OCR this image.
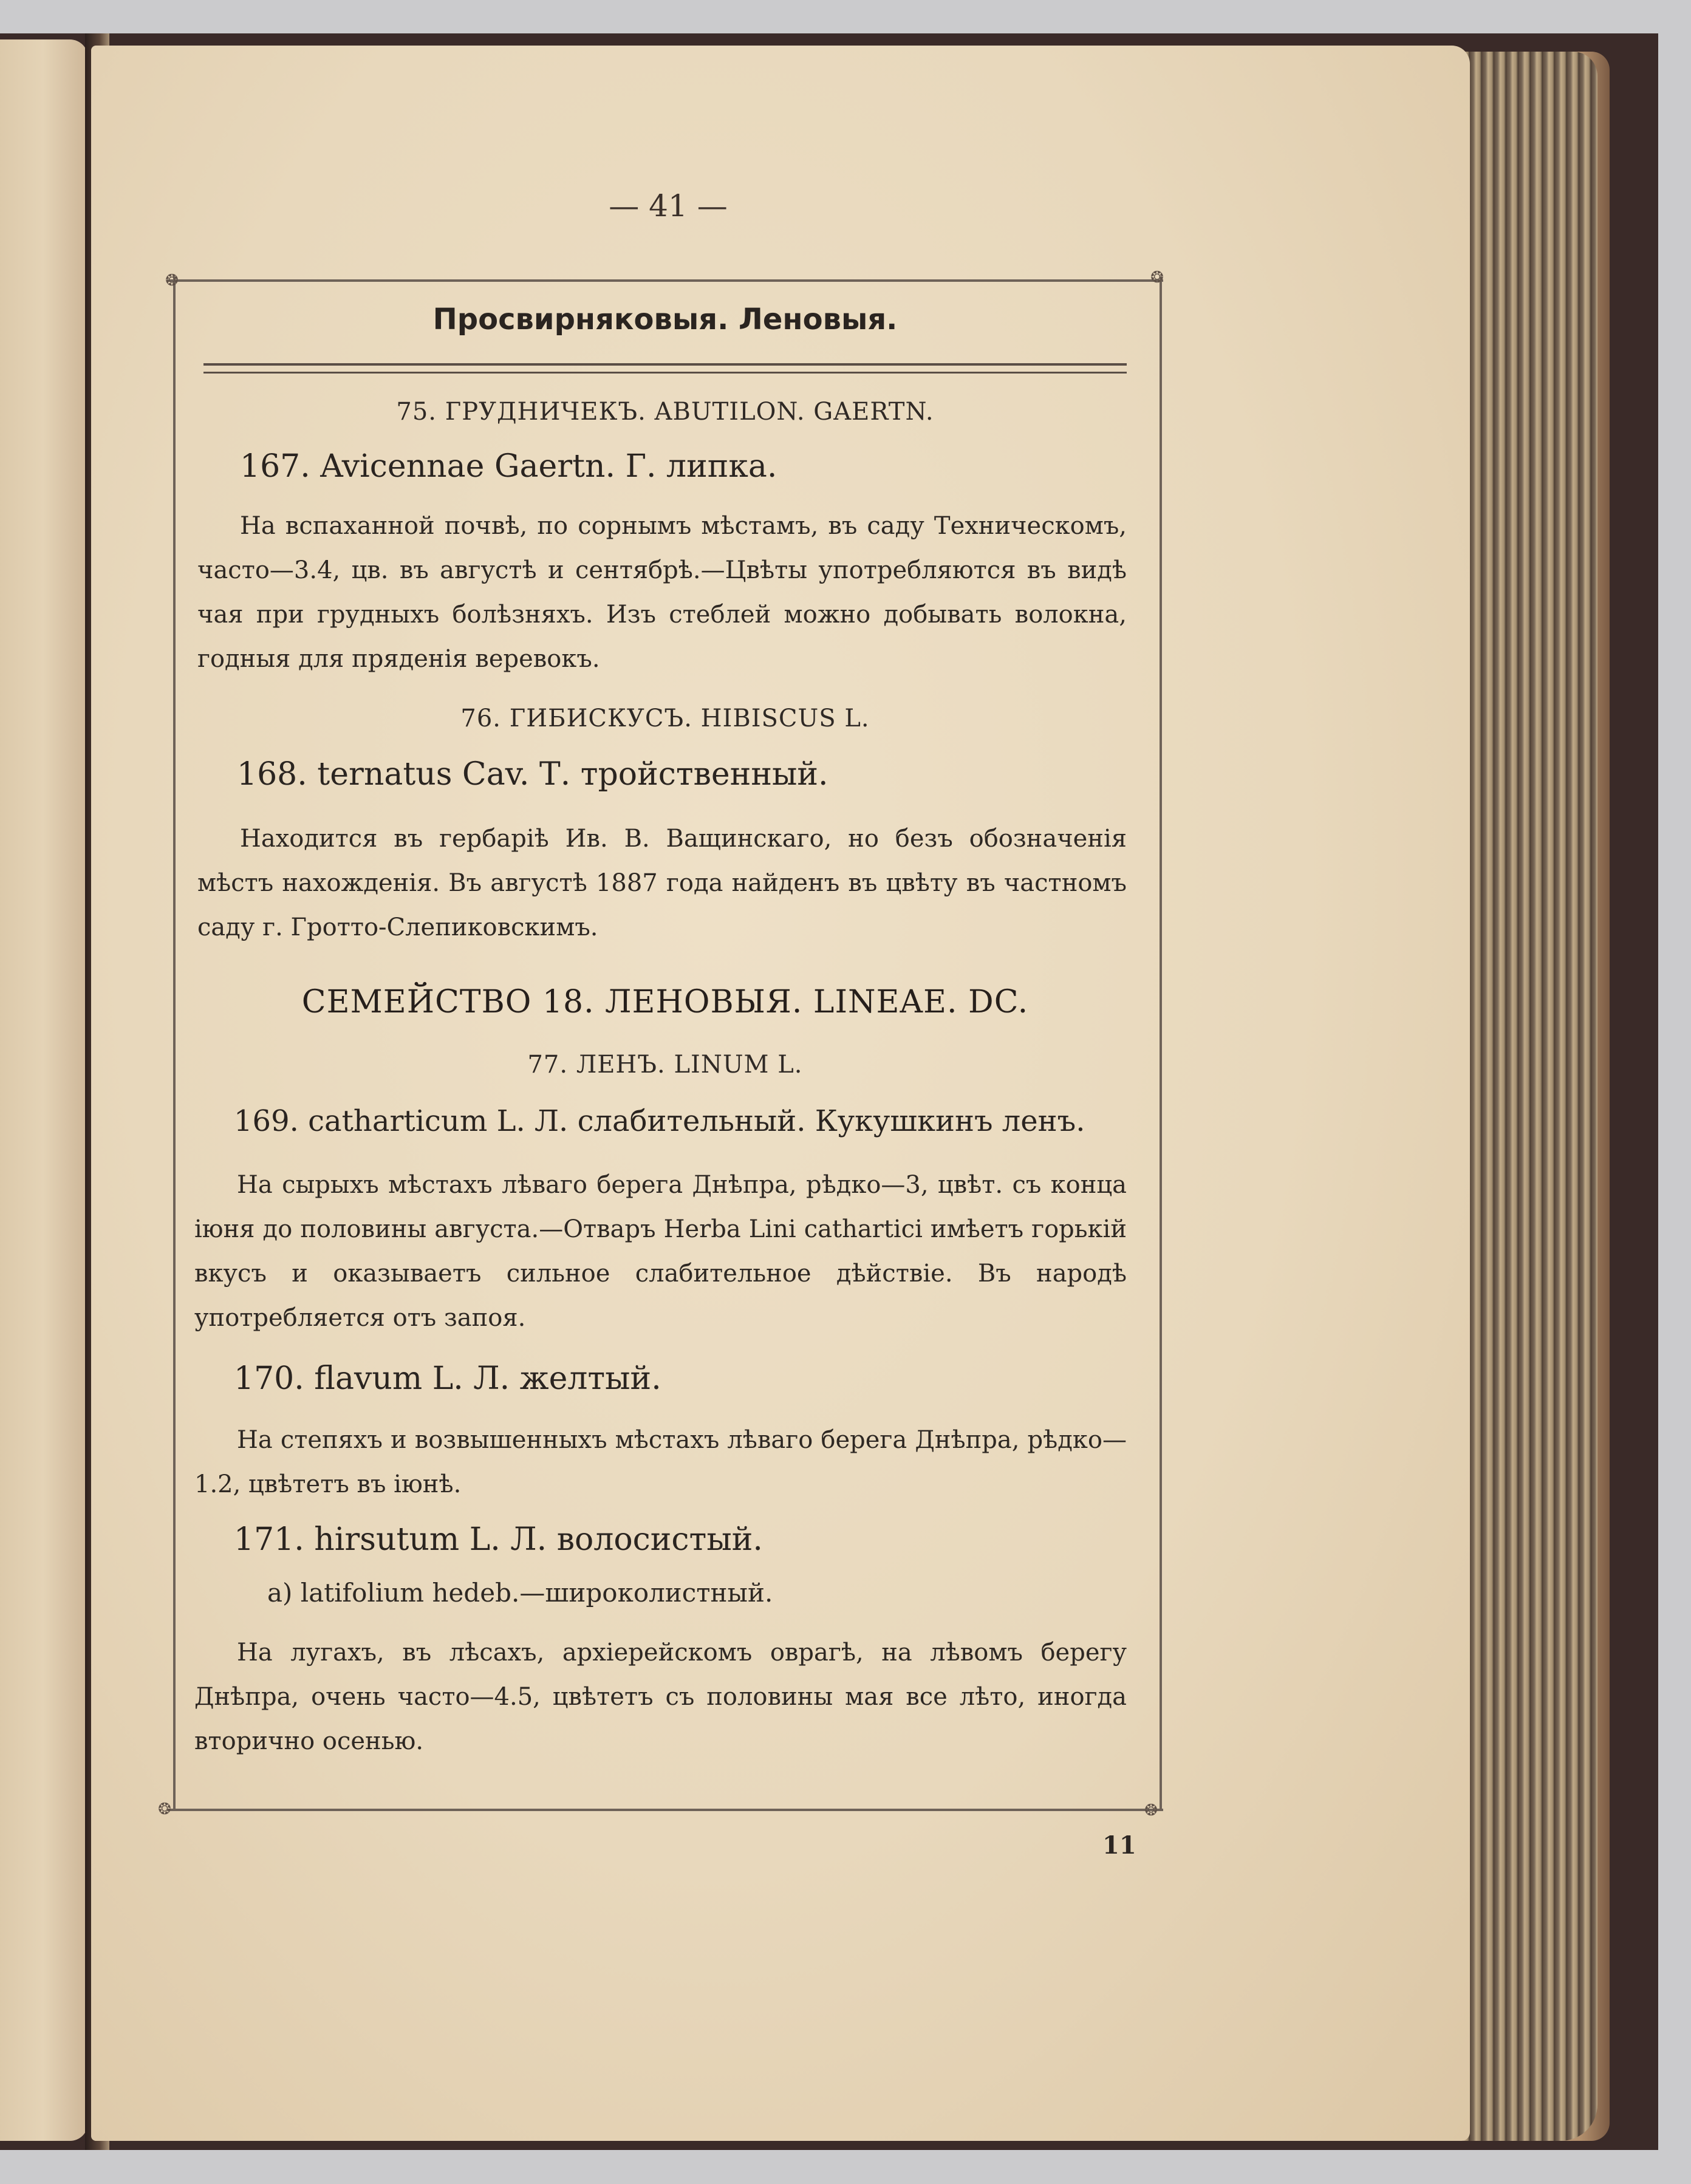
— 41 —
❂	❂
❂	❂
Просвирняковыя. Леновыя.
75. ГРУДНИЧЕКЪ. ABUTILON. GAERTN.
167. Avicennae Gaertn. Г. липка.
На вспаханной почвѣ, по сорнымъ мѣстамъ, въ саду Техническомъ, часто—3.4, цв. въ августѣ и сентябрѣ.—Цвѣты употребляются въ видѣ чая при грудныхъ болѣзняхъ. Изъ стеблей можно добывать волокна, годныя для пряденія веревокъ.
76. ГИБИСКУСЪ. HIBISCUS L.
168. ternatus Cav. Т. тройственный.
Находится въ гербаріѣ Ив. В. Ващинскаго, но безъ обозначенія мѣстъ нахожденія. Въ августѣ 1887 года найденъ въ цвѣту въ частномъ саду г. Гротто-Слепиковскимъ.
СЕМЕЙСТВО 18. ЛЕНОВЫЯ. LINEAE. DC.
77. ЛЕНЪ. LINUM L.
169. catharticum L. Л. слабительный. Кукушкинъ ленъ.
На сырыхъ мѣстахъ лѣваго берега Днѣпра, рѣдко—3, цвѣт. съ конца іюня до половины августа.—Отваръ Herba Lini cathartici имѣетъ горькій вкусъ и оказываетъ сильное слабительное дѣйствіе. Въ народѣ употребляется отъ запоя.
170. flavum L. Л. желтый.
На степяхъ и возвышенныхъ мѣстахъ лѣваго берега Днѣпра, рѣдко—1.2, цвѣтетъ въ іюнѣ.
171. hirsutum L. Л. волосистый.
а) latifolium hedeb.—широколистный.
На лугахъ, въ лѣсахъ, архіерейскомъ оврагѣ, на лѣвомъ берегу Днѣпра, очень часто—4.5, цвѣтетъ съ половины мая все лѣто, иногда вторично осенью.
11
